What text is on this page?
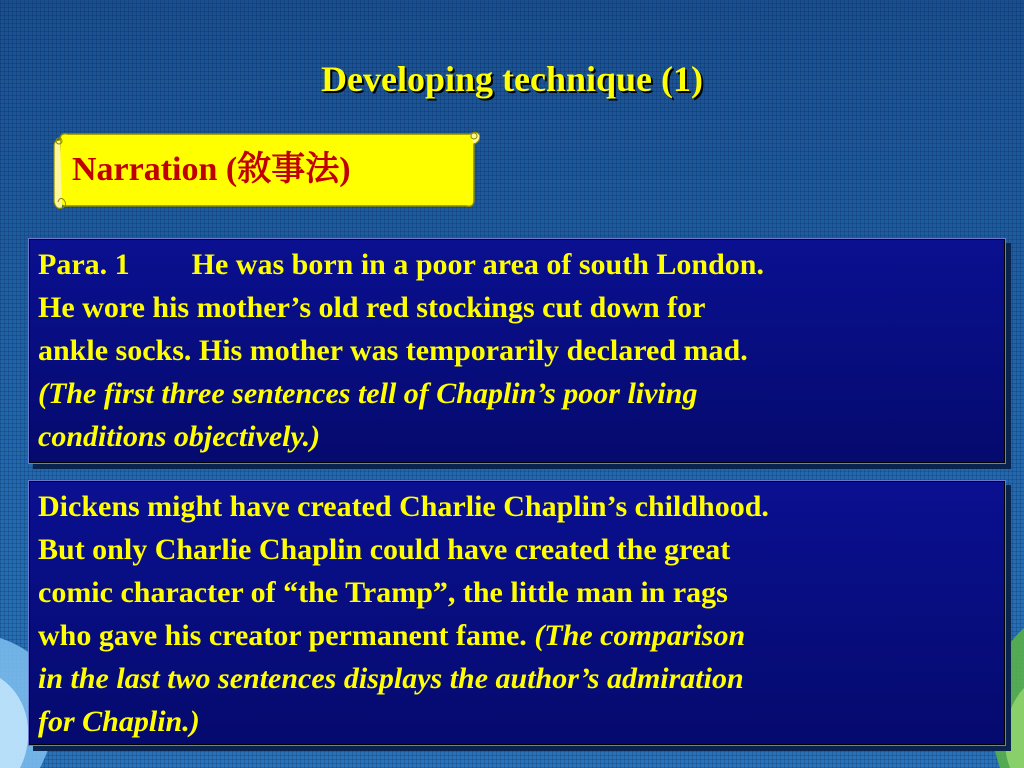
Developing technique (1)
Narration (敘事法)
Para. 1 He was born in a poor area of south London.
He wore his mother’s old red stockings cut down for
ankle socks. His mother was temporarily declared mad.
(The first three sentences tell of Chaplin’s poor living
conditions objectively.)
Dickens might have created Charlie Chaplin’s childhood.
But only Charlie Chaplin could have created the great
comic character of “the Tramp”, the little man in rags
who gave his creator permanent fame. (The comparison
in the last two sentences displays the author’s admiration
for Chaplin.)
